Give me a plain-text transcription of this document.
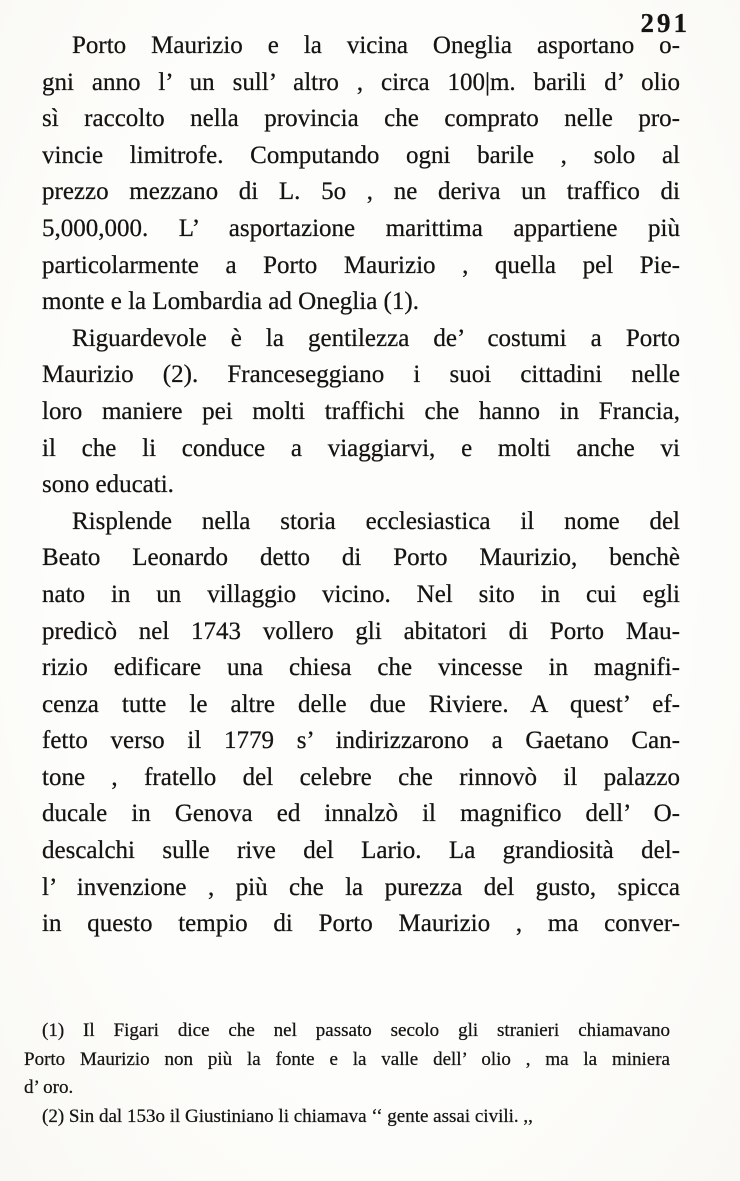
291
Porto Maurizio e la vicina Oneglia asportano o-
gni anno l’ un sull’ altro , circa 100|m. barili d’ olio
sì raccolto nella provincia che comprato nelle pro-
vincie limitrofe. Computando ogni barile , solo al
prezzo mezzano di L. 5o , ne deriva un traffico di
5,000,000. L’ asportazione marittima appartiene più
particolarmente a Porto Maurizio , quella pel Pie-
monte e la Lombardia ad Oneglia (1).
Riguardevole è la gentilezza de’ costumi a Porto
Maurizio (2). Franceseggiano i suoi cittadini nelle
loro maniere pei molti traffichi che hanno in Francia,
il che li conduce a viaggiarvi, e molti anche vi
sono educati.
Risplende nella storia ecclesiastica il nome del
Beato Leonardo detto di Porto Maurizio, benchè
nato in un villaggio vicino. Nel sito in cui egli
predicò nel 1743 vollero gli abitatori di Porto Mau-
rizio edificare una chiesa che vincesse in magnifi-
cenza tutte le altre delle due Riviere. A quest’ ef-
fetto verso il 1779 s’ indirizzarono a Gaetano Can-
tone , fratello del celebre che rinnovò il palazzo
ducale in Genova ed innalzò il magnifico dell’ O-
descalchi sulle rive del Lario. La grandiosità del-
l’ invenzione , più che la purezza del gusto, spicca
in questo tempio di Porto Maurizio , ma conver-
(1) Il Figari dice che nel passato secolo gli stranieri chiamavano
Porto Maurizio non più la fonte e la valle dell’ olio , ma la miniera
d’ oro.
(2) Sin dal 153o il Giustiniano li chiamava ‘‘ gente assai civili. ,,
